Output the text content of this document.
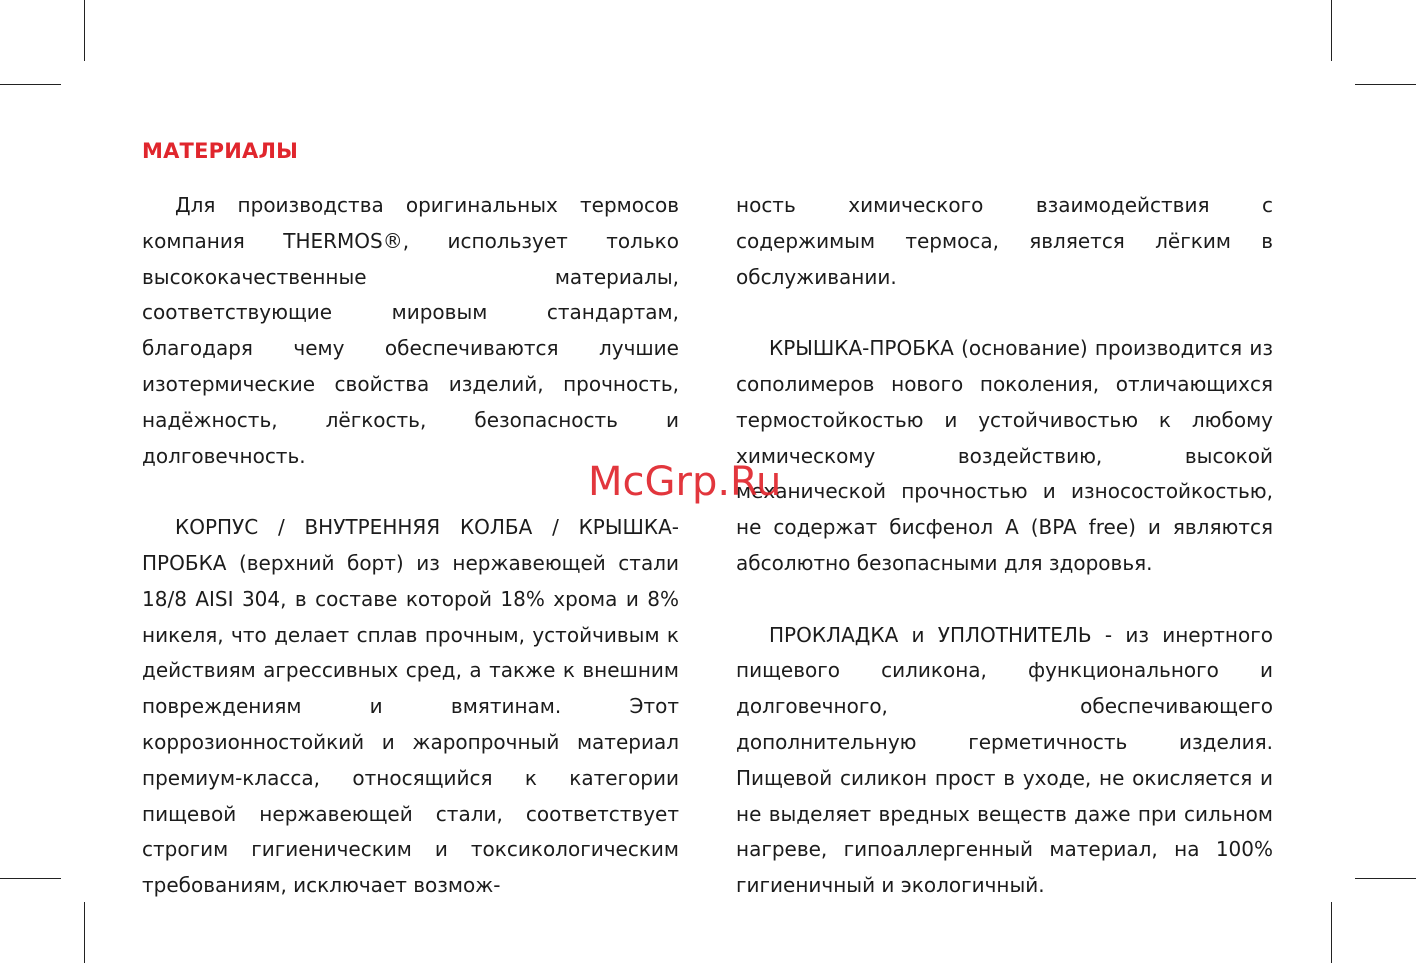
МАТЕРИАЛЫ

Для производства оригинальных термосов компания THERMOS®, использует только высококачественные материалы, соответствующие мировым стандартам, благодаря чему обеспечиваются лучшие изотермические свойства изделий, прочность, надёжность, лёгкость, безопасность и долговечность.

КОРПУС / ВНУТРЕННЯЯ КОЛБА / КРЫШКА-ПРОБКА (верхний борт) из нержавеющей стали 18/8 AISI 304, в составе которой 18% хрома и 8% никеля, что делает сплав прочным, устойчивым к действиям агрессивных сред, а также к внешним повреждениям и вмятинам. Этот коррозионностойкий и жаропрочный материал премиум-класса, относящийся к категории пищевой нержавеющей стали, соответствует строгим гигиеническим и токсикологическим требованиям, исключает возмож-

ность химического взаимодействия с содержимым термоса, является лёгким в обслуживании.

КРЫШКА-ПРОБКА (основание) производится из сополимеров нового поколения, отличающихся термостойкостью и устойчивостью к любому химическому воздействию, высокой механической прочностью и износостойкостью, не содержат бисфенол А (BPA free) и являются абсолютно безопасными для здоровья.

ПРОКЛАДКА и УПЛОТНИТЕЛЬ - из инертного пищевого силикона, функционального и долговечного, обеспечивающего дополнительную герметичность изделия. Пищевой силикон прост в уходе, не окисляется и не выделяет вредных веществ даже при сильном нагреве, гипоаллергенный материал, на 100% гигиеничный и экологичный.

McGrp.Ru
